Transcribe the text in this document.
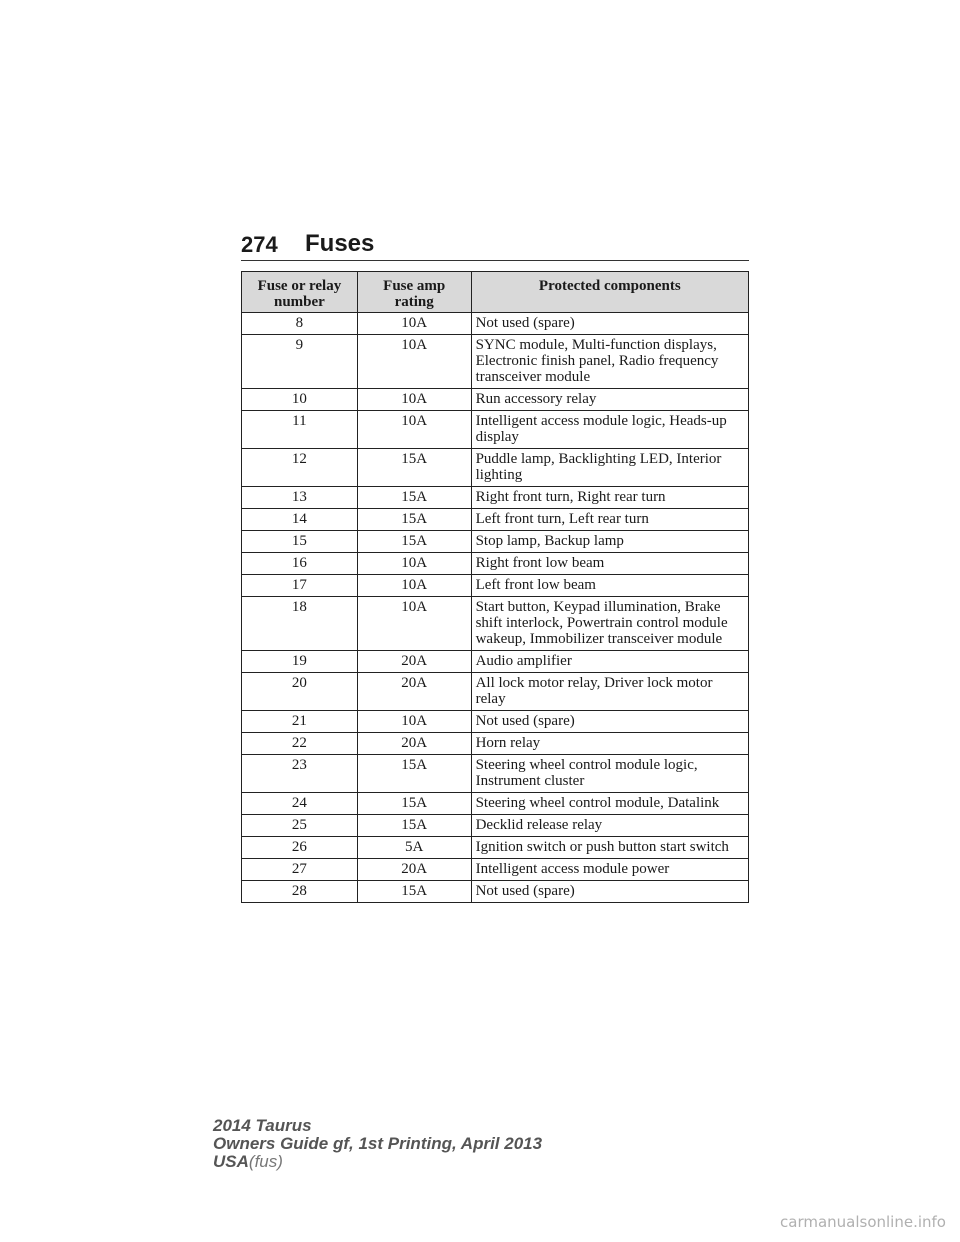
274 Fuses
Fuse or relay number	Fuse amp rating	Protected components
8	10A	Not used (spare)
9	10A	SYNC module, Multi-function displays, Electronic finish panel, Radio frequency transceiver module
10	10A	Run accessory relay
11	10A	Intelligent access module logic, Heads-up display
12	15A	Puddle lamp, Backlighting LED, Interior lighting
13	15A	Right front turn, Right rear turn
14	15A	Left front turn, Left rear turn
15	15A	Stop lamp, Backup lamp
16	10A	Right front low beam
17	10A	Left front low beam
18	10A	Start button, Keypad illumination, Brake shift interlock, Powertrain control module wakeup, Immobilizer transceiver module
19	20A	Audio amplifier
20	20A	All lock motor relay, Driver lock motor relay
21	10A	Not used (spare)
22	20A	Horn relay
23	15A	Steering wheel control module logic, Instrument cluster
24	15A	Steering wheel control module, Datalink
25	15A	Decklid release relay
26	5A	Ignition switch or push button start switch
27	20A	Intelligent access module power
28	15A	Not used (spare)
2014 Taurus
Owners Guide gf, 1st Printing, April 2013
USA(fus)
carmanualsonline.info
